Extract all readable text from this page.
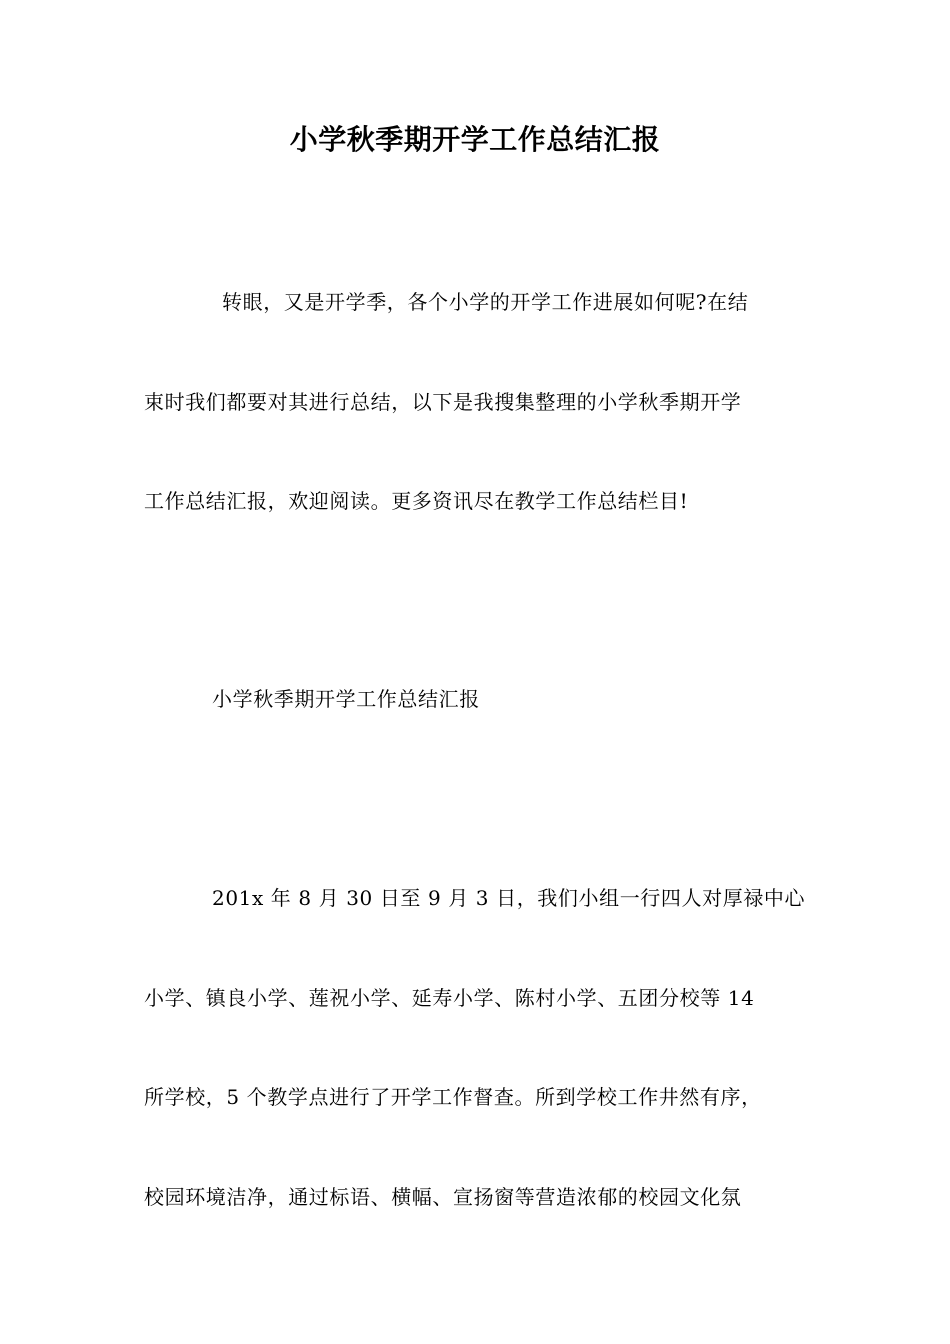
小学秋季期开学工作总结汇报
转眼，又是开学季，各个小学的开学工作进展如何呢?在结
束时我们都要对其进行总结，以下是我搜集整理的小学秋季期开学
工作总结汇报，欢迎阅读。更多资讯尽在教学工作总结栏目!
小学秋季期开学工作总结汇报
201x 年 8 月 30 日至 9 月 3 日，我们小组一行四人对厚禄中心
小学、镇良小学、莲祝小学、延寿小学、陈村小学、五团分校等 14
所学校，5 个教学点进行了开学工作督查。所到学校工作井然有序，
校园环境洁净，通过标语、横幅、宣扬窗等营造浓郁的校园文化氛
